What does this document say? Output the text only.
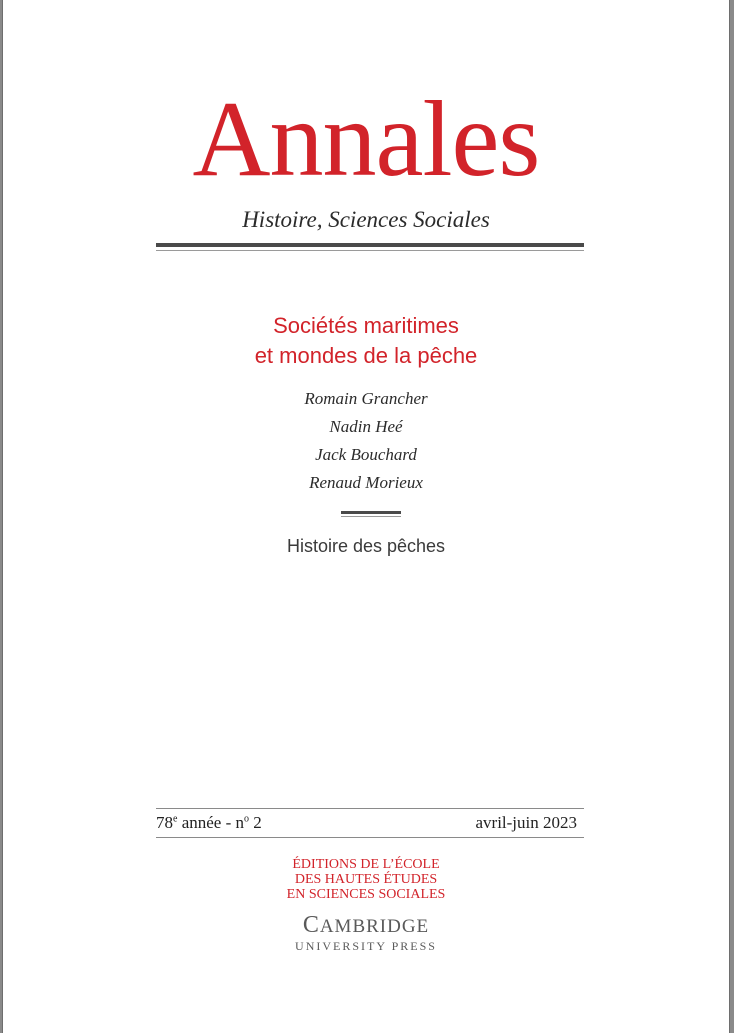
Annales
Histoire, Sciences Sociales
Sociétés maritimes
et mondes de la pêche
Romain Grancher
Nadin Heé
Jack Bouchard
Renaud Morieux
Histoire des pêches
78e année - $n^o$ 2	avril-juin 2023
ÉDITIONS DE L’ÉCOLE
DES HAUTES ÉTUDES
EN SCIENCES SOCIALES
CAMBRIDGE
UNIVERSITY PRESS
